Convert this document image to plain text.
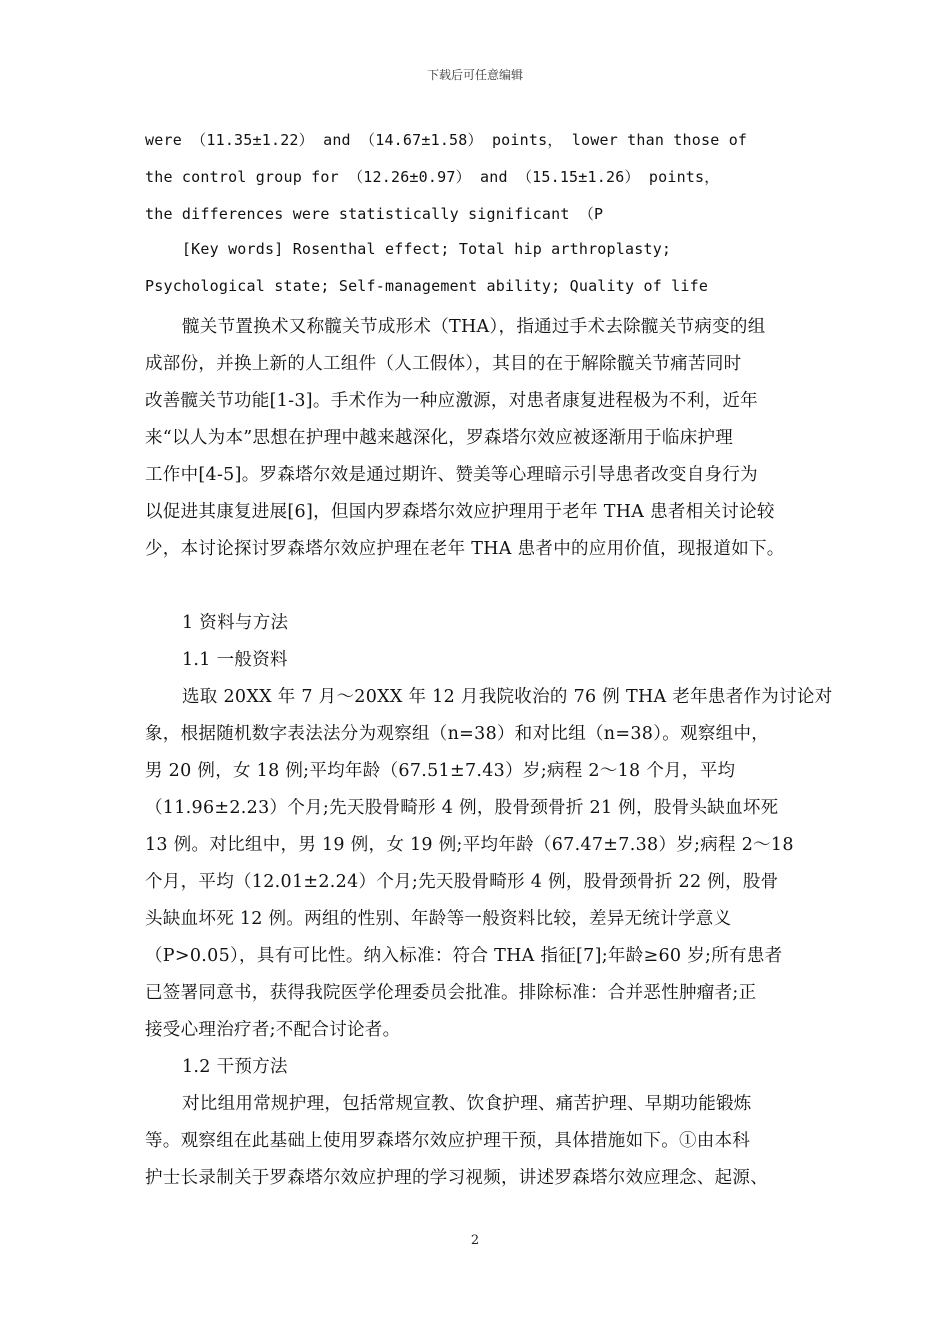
下载后可任意编辑
were （11.35±1.22） and （14.67±1.58） points， lower than those of
the control group for （12.26±0.97） and （15.15±1.26） points，
the differences were statistically significant （P
[Key words] Rosenthal effect; Total hip arthroplasty;
Psychological state; Self-management ability; Quality of life
髋关节置换术又称髋关节成形术（THA），指通过手术去除髋关节病变的组
成部份，并换上新的人工组件（人工假体），其目的在于解除髋关节痛苦同时
改善髋关节功能[1-3]。手术作为一种应激源，对患者康复进程极为不利，近年
来“以人为本”思想在护理中越来越深化，罗森塔尔效应被逐渐用于临床护理
工作中[4-5]。罗森塔尔效是通过期许、赞美等心理暗示引导患者改变自身行为
以促进其康复进展[6]，但国内罗森塔尔效应护理用于老年 THA 患者相关讨论较
少，本讨论探讨罗森塔尔效应护理在老年 THA 患者中的应用价值，现报道如下。
1 资料与方法
1.1 一般资料
选取 20XX 年 7 月～20XX 年 12 月我院收治的 76 例 THA 老年患者作为讨论对
象，根据随机数字表法法分为观察组（n=38）和对比组（n=38）。观察组中，
男 20 例，女 18 例;平均年龄（67.51±7.43）岁;病程 2～18 个月，平均
（11.96±2.23）个月;先天股骨畸形 4 例，股骨颈骨折 21 例，股骨头缺血坏死
13 例。对比组中，男 19 例，女 19 例;平均年龄（67.47±7.38）岁;病程 2～18
个月，平均（12.01±2.24）个月;先天股骨畸形 4 例，股骨颈骨折 22 例，股骨
头缺血坏死 12 例。两组的性别、年龄等一般资料比较，差异无统计学意义
（P>0.05），具有可比性。纳入标准：符合 THA 指征[7];年龄≥60 岁;所有患者
已签署同意书，获得我院医学伦理委员会批准。排除标准：合并恶性肿瘤者;正
接受心理治疗者;不配合讨论者。
1.2 干预方法
对比组用常规护理，包括常规宣教、饮食护理、痛苦护理、早期功能锻炼
等。观察组在此基础上使用罗森塔尔效应护理干预，具体措施如下。①由本科
护士长录制关于罗森塔尔效应护理的学习视频，讲述罗森塔尔效应理念、起源、
2
